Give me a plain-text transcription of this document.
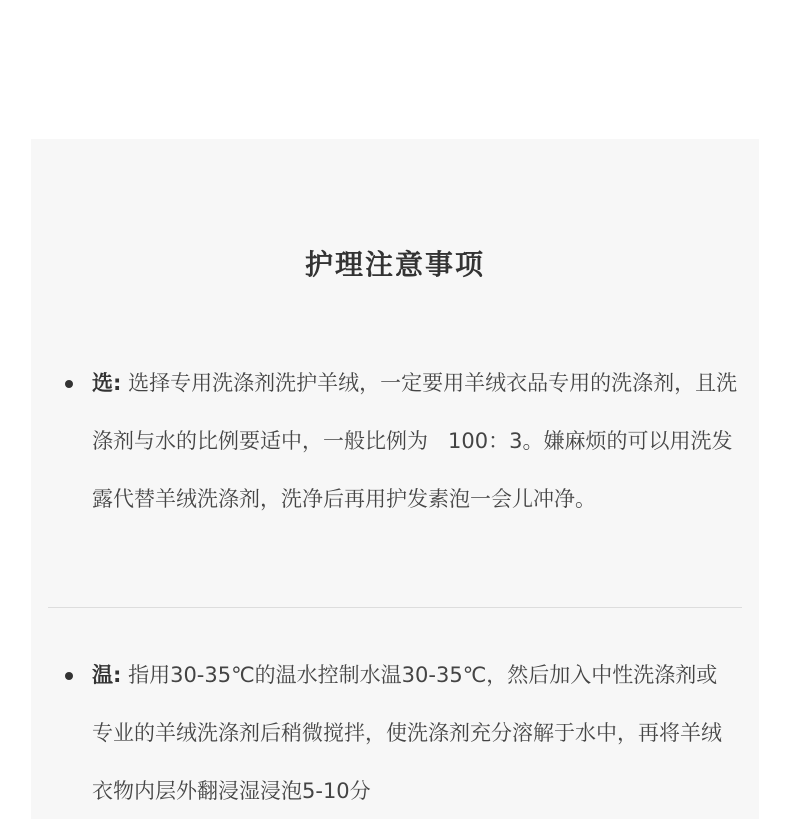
护理注意事项

选: 选择专用洗涤剂洗护羊绒，一定要用羊绒衣品专用的洗涤剂，且洗涤剂与水的比例要适中，一般比例为   100：3。嫌麻烦的可以用洗发露代替羊绒洗涤剂，洗净后再用护发素泡一会儿冲净。

温: 指用30-35℃的温水控制水温30-35℃，然后加入中性洗涤剂或专业的羊绒洗涤剂后稍微搅拌，使洗涤剂充分溶解于水中，再将羊绒衣物内层外翻浸湿浸泡5-10分
